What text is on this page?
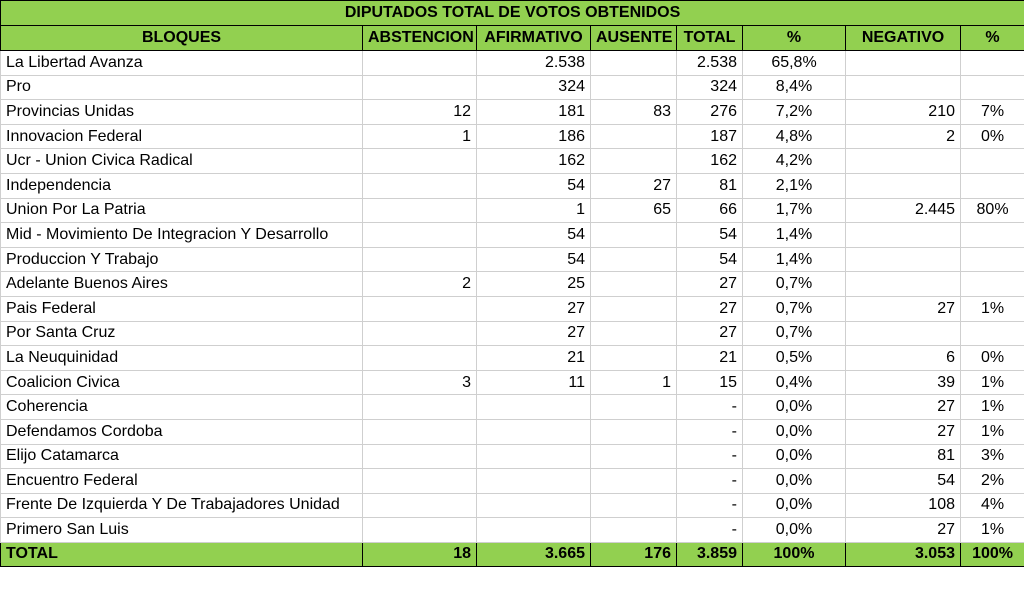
DIPUTADOS TOTAL DE VOTOS OBTENIDOS							
BLOQUES	ABSTENCION	AFIRMATIVO	AUSENTE	TOTAL	%	NEGATIVO	%
La Libertad Avanza		2.538		2.538	65,8%		
Pro		324		324	8,4%		
Provincias Unidas	12	181	83	276	7,2%	210	7%
Innovacion Federal	1	186		187	4,8%	2	0%
Ucr - Union Civica Radical		162		162	4,2%		
Independencia		54	27	81	2,1%		
Union Por La Patria		1	65	66	1,7%	2.445	80%
Mid - Movimiento De Integracion Y Desarrollo		54		54	1,4%		
Produccion Y Trabajo		54		54	1,4%		
Adelante Buenos Aires	2	25		27	0,7%		
Pais Federal		27		27	0,7%	27	1%
Por Santa Cruz		27		27	0,7%		
La Neuquinidad		21		21	0,5%	6	0%
Coalicion Civica	3	11	1	15	0,4%	39	1%
Coherencia				-	0,0%	27	1%
Defendamos Cordoba				-	0,0%	27	1%
Elijo Catamarca				-	0,0%	81	3%
Encuentro Federal				-	0,0%	54	2%
Frente De Izquierda Y De Trabajadores Unidad				-	0,0%	108	4%
Primero San Luis				-	0,0%	27	1%
TOTAL	18	3.665	176	3.859	100%	3.053	100%
